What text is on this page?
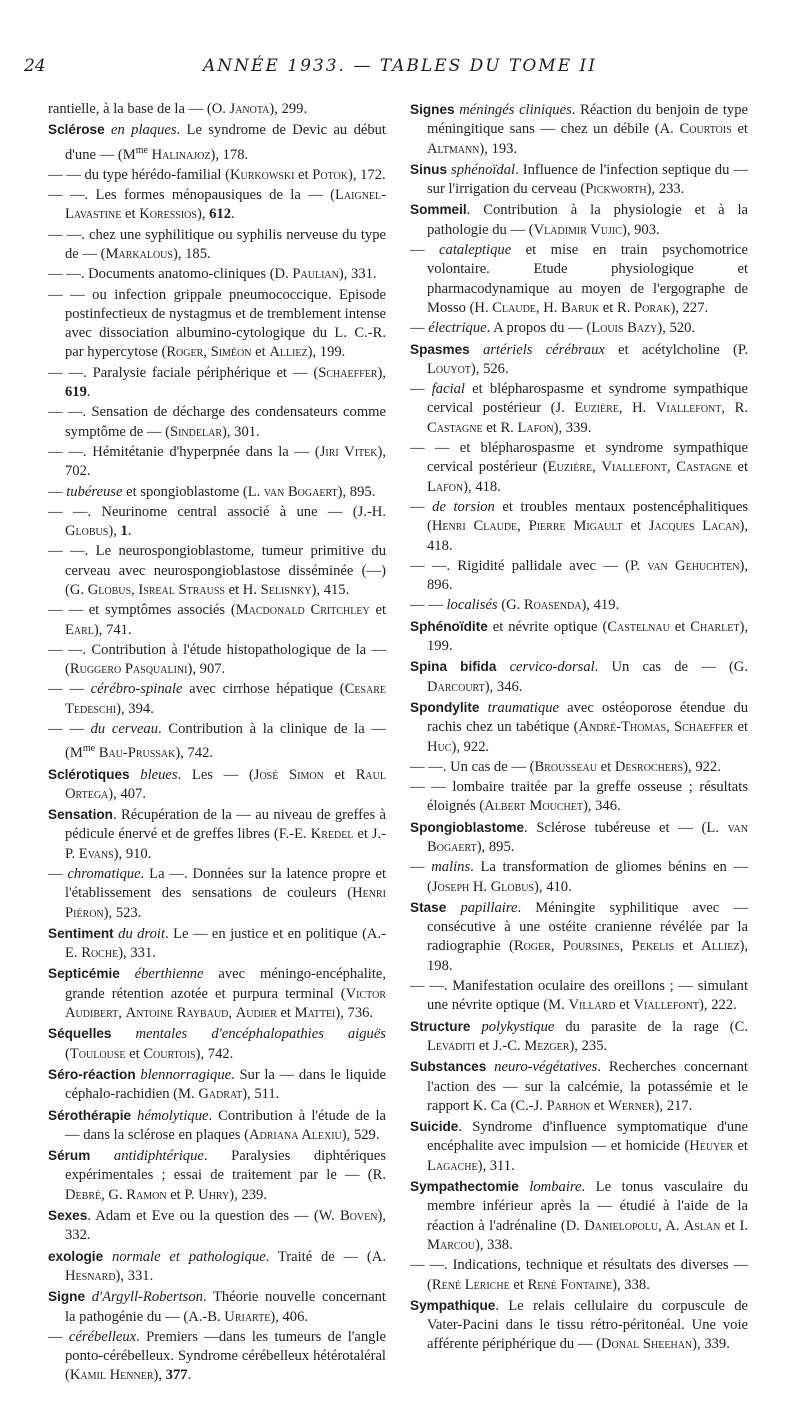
24	ANNÉE 1933. — TABLES DU TOME II

rantielle, à la base de la — (O. Janota), 299.

Sclérose en plaques. Le syndrome de Devic au début d'une — ($M^{me}$ Halinajoz), 178.

— — du type hérédo-familial (Kurkowski et Potok), 172.

— —. Les formes ménopausiques de la — (Laignel-Lavastine et Koressios), 612.

— —. chez une syphilitique ou syphilis nerveuse du type de — (Markalous), 185.

— —. Documents anatomo-cliniques (D. Paulian), 331.

— — ou infection grippale pneumococcique. Episode postinfectieux de nystagmus et de tremblement intense avec dissociation albumino-cytologique du L. C.-R. par hypercytose (Roger, Siméon et Alliez), 199.

— —. Paralysie faciale périphérique et — (Schaeffer), 619.

— —. Sensation de décharge des condensateurs comme symptôme de — (Sindelar), 301.

— —. Hémitétanie d'hyperpnée dans la — (Jiri Vitek), 702.

— tubéreuse et spongioblastome (L. van Bogaert), 895.

— —. Neurinome central associé à une — (J.-H. Globus), 1.

— —. Le neurospongioblastome, tumeur primitive du cerveau avec neurospongioblastose disséminée (—) (G. Globus, Isreal Strauss et H. Selisnky), 415.

— — et symptômes associés (Macdonald Critchley et Earl), 741.

— —. Contribution à l'étude histopathologique de la — (Ruggero Pasqualini), 907.

— — cérébro-spinale avec cirrhose hépatique (Cesare Tedeschi), 394.

— — du cerveau. Contribution à la clinique de la — ($M^{me}$ Bau-Prussak), 742.

Sclérotiques bleues. Les — (José Simon et Raul Ortega), 407.

Sensation. Récupération de la — au niveau de greffes à pédicule énervé et de greffes libres (F.-E. Kredel et J.-P. Evans), 910.

— chromatique. La —. Données sur la latence propre et l'établissement des sensations de couleurs (Henri Piéron), 523.

Sentiment du droit. Le — en justice et en politique (A.-E. Roche), 331.

Septicémie éberthienne avec méningo-encéphalite, grande rétention azotée et purpura terminal (Victor Audibert, Antoine Raybaud, Audier et Mattei), 736.

Séquelles mentales d'encéphalopathies aiguës (Toulouse et Courtois), 742.

Séro-réaction blennorragique. Sur la — dans le liquide céphalo-rachidien (M. Gadrat), 511.

Sérothérapie hémolytique. Contribution à l'étude de la — dans la sclérose en plaques (Adriana Alexiu), 529.

Sérum antidiphtérique. Paralysies diphtériques expérimentales ; essai de traitement par le — (R. Debré, G. Ramon et P. Uhry), 239.

Sexes. Adam et Eve ou la question des — (W. Boven), 332.

exologie normale et pathologique. Traité de — (A. Hesnard), 331.

Signe d'Argyll-Robertson. Théorie nouvelle concernant la pathogénie du — (A.-B. Uriarte), 406.

— cérébelleux. Premiers —dans les tumeurs de l'angle ponto-cérébelleux. Syndrome cérébelleux hétérotaléral (Kamil Henner), 377.

Signes méningés cliniques. Réaction du benjoin de type méningitique sans — chez un débile (A. Courtois et Altmann), 193.

Sinus sphénoïdal. Influence de l'infection septique du — sur l'irrigation du cerveau (Pickworth), 233.

Sommeil. Contribution à la physiologie et à la pathologie du — (Vladimir Vujic), 903.

— cataleptique et mise en train psychomotrice volontaire. Etude physiologique et pharmacodynamique au moyen de l'ergographe de Mosso (H. Claude, H. Baruk et R. Porak), 227.

— électrique. A propos du — (Louis Bazy), 520.

Spasmes artériels cérébraux et acétylcholine (P. Louyot), 526.

— facial et blépharospasme et syndrome sympathique cervical postérieur (J. Euzière, H. Viallefont, R. Castagne et R. Lafon), 339.

— — et blépharospasme et syndrome sympathique cervical postérieur (Euzière, Viallefont, Castagne et Lafon), 418.

— de torsion et troubles mentaux postencéphalitiques (Henri Claude, Pierre Migault et Jacques Lacan), 418.

— —. Rigidité pallidale avec — (P. van Gehuchten), 896.

— — localisés (G. Roasenda), 419.

Sphénoïdite et névrite optique (Castelnau et Charlet), 199.

Spina bifida cervico-dorsal. Un cas de — (G. Darcourt), 346.

Spondylite traumatique avec ostéoporose étendue du rachis chez un tabétique (André-Thomas, Schaeffer et Huc), 922.

— —. Un cas de — (Brousseau et Desrochers), 922.

— — lombaire traitée par la greffe osseuse ; résultats éloignés (Albert Mouchet), 346.

Spongioblastome. Sclérose tubéreuse et — (L. van Bogaert), 895.

— malins. La transformation de gliomes bénins en — (Joseph H. Globus), 410.

Stase papillaire. Méningite syphilitique avec — consécutive à une ostéite cranienne révélée par la radiographie (Roger, Poursines, Pekelis et Alliez), 198.

— —. Manifestation oculaire des oreillons ; — simulant une névrite optique (M. Villard et Viallefont), 222.

Structure polykystique du parasite de la rage (C. Levaditi et J.-C. Mezger), 235.

Substances neuro-végétatives. Recherches concernant l'action des — sur la calcémie, la potassémie et le rapport K. Ca (C.-J. Parhon et Werner), 217.

Suicide. Syndrome d'influence symptomatique d'une encéphalite avec impulsion — et homicide (Heuyer et Lagache), 311.

Sympathectomie lombaire. Le tonus vasculaire du membre inférieur après la — étudié à l'aide de la réaction à l'adrénaline (D. Danielopolu, A. Aslan et I. Marcou), 338.

— —. Indications, technique et résultats des diverses — (René Leriche et René Fontaine), 338.

Sympathique. Le relais cellulaire du corpuscule de Vater-Pacini dans le tissu rétro-péritonéal. Une voie afférente périphérique du — (Donal Sheehan), 339.
